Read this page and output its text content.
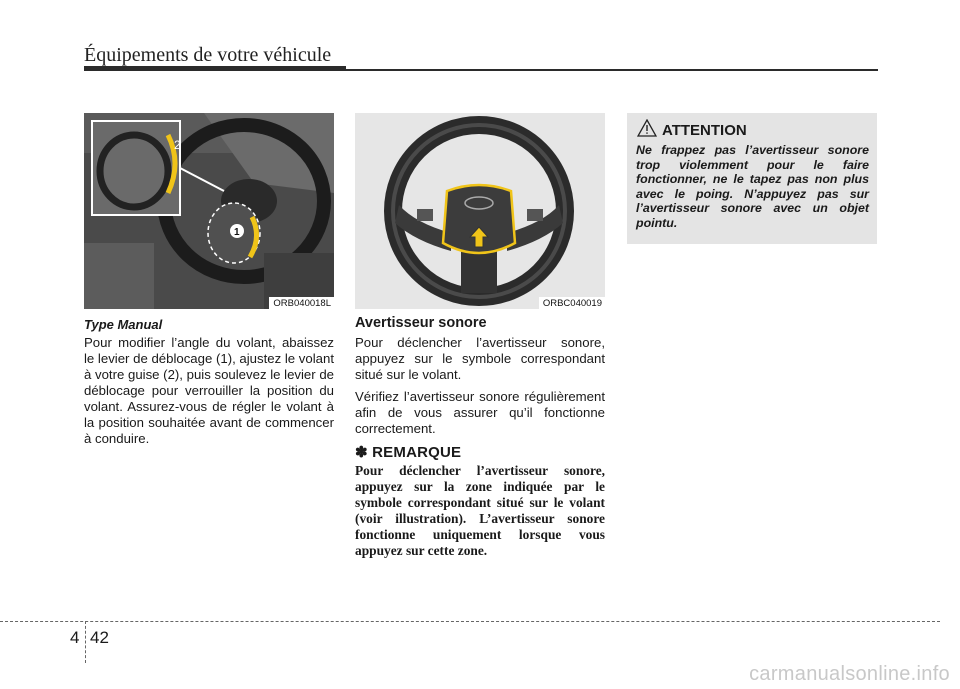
Équipements de votre véhicule
1
2
ORB040018L	ORBC040019
Type Manual

Pour modifier l’angle du volant, abaissez le levier de déblocage (1), ajustez le volant à votre guise (2), puis soulevez le levier de déblocage pour verrouiller la position du volant. Assurez-vous de régler le volant à la position souhaitée avant de commencer à conduire.

Avertisseur sonore

Pour déclencher l’avertisseur sonore, appuyez sur le symbole correspondant situé sur le volant.

Vérifiez l’avertisseur sonore régulièrement afin de vous assurer qu’il fonctionne correctement.

✽ REMARQUE
Pour déclencher l’avertisseur sonore, appuyez sur la zone indiquée par le symbole correspondant situé sur le volant (voir illustration). L’avertisseur sonore fonctionne uniquement lorsque vous appuyez sur cette zone.
ATTENTION
Ne frappez pas l’avertisseur sonore trop violemment pour le faire fonctionner, ne le tapez pas non plus avec le poing. N’appuyez pas sur l’avertisseur sonore avec un objet pointu.
4 42
carmanualsonline.info
